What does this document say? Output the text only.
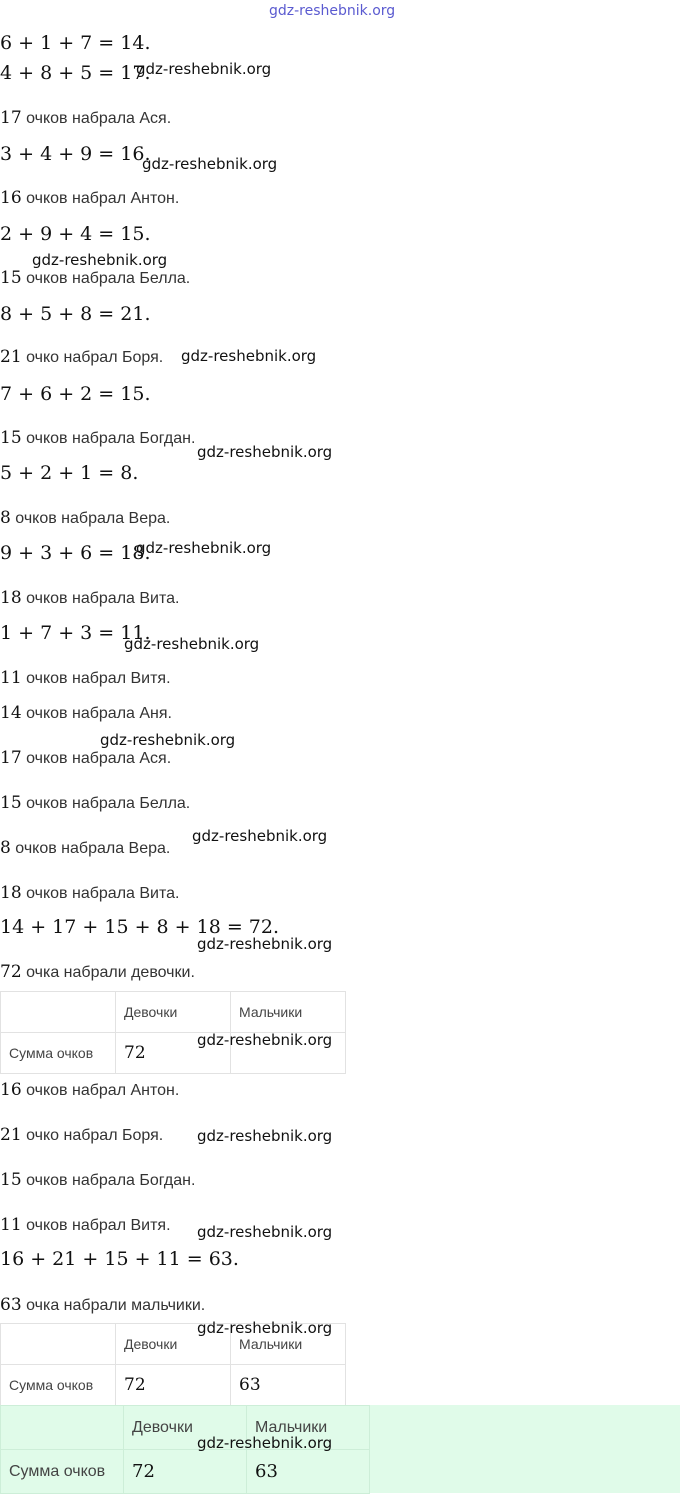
6 + 1 + 7 = 14.
4 + 8 + 5 = 17.
17 очков набрала Ася.
3 + 4 + 9 = 16.
16 очков набрал Антон.
2 + 9 + 4 = 15.
15 очков набрала Белла.
8 + 5 + 8 = 21.
21 очко набрал Боря.
7 + 6 + 2 = 15.
15 очков набрала Богдан.
5 + 2 + 1 = 8.
8 очков набрала Вера.
9 + 3 + 6 = 18.
18 очков набрала Вита.
1 + 7 + 3 = 11.
11 очков набрал Витя.
14 очков набрала Аня.
17 очков набрала Ася.
15 очков набрала Белла.
8 очков набрала Вера.
18 очков набрала Вита.
14 + 17 + 15 + 8 + 18 = 72.
72 очка набрали девочки.
16 очков набрал Антон.
21 очко набрал Боря.
15 очков набрала Богдан.
11 очков набрал Витя.
16 + 21 + 15 + 11 = 63.
63 очка набрали мальчики.
	Девочки	Мальчики
Сумма очков	72	
	Девочки	Мальчики
Сумма очков	72	63
	Девочки	Мальчики
Сумма очков	72	63
gdz-reshebnik.org
gdz-reshebnik.org
gdz-reshebnik.org
gdz-reshebnik.org
gdz-reshebnik.org
gdz-reshebnik.org
gdz-reshebnik.org
gdz-reshebnik.org
gdz-reshebnik.org
gdz-reshebnik.org
gdz-reshebnik.org
gdz-reshebnik.org
gdz-reshebnik.org
gdz-reshebnik.org
gdz-reshebnik.org
gdz-reshebnik.org
